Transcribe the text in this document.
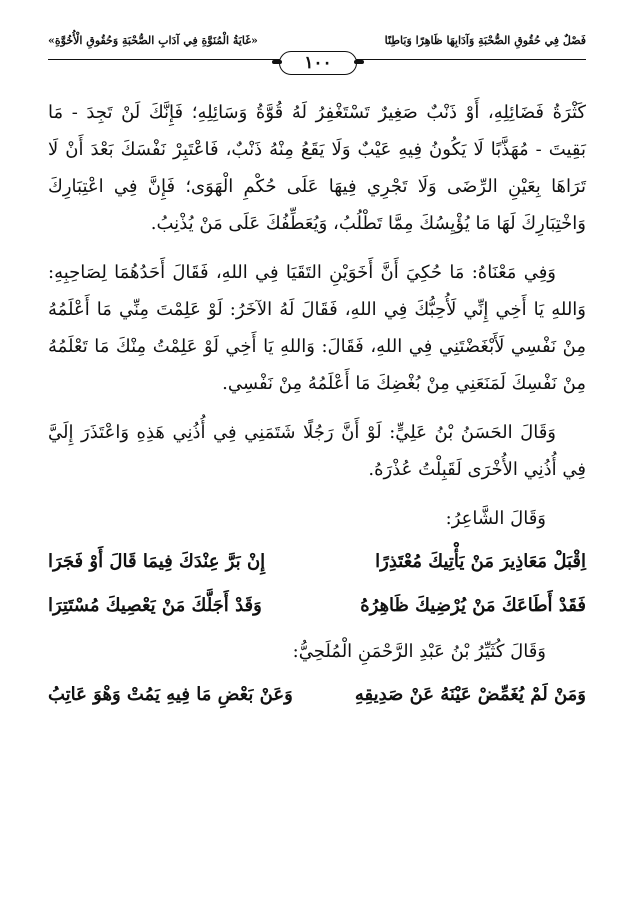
فَصْلٌ فِي حُقُوقِ الصُّحْبَةِ وَآدَابِهَا ظَاهِرًا وَبَاطِنًا
«غَايَةُ الْمُنَوَّةِ فِي آدَابِ الصُّحْبَةِ وَحُقُوقِ الْأُخُوَّةِ»
١٠٠

كَثْرَةُ فَضَائِلِهِ، أَوْ ذَنْبٌ صَغِيرٌ تَسْتَغْفِرُ لَهُ قُوَّةُ وَسَائِلِهِ؛ فَإِنَّكَ لَنْ تَجِدَ - مَا بَقِيتَ - مُهَذَّبًا لَا يَكُونُ فِيهِ عَيْبٌ وَلَا يَقَعُ مِنْهُ ذَنْبٌ، فَاعْتَبِرْ نَفْسَكَ بَعْدَ أَنْ لَا تَرَاهَا بِعَيْنِ الرِّضَى وَلَا تَجْرِي فِيهَا عَلَى حُكْمِ الْهَوَى؛ فَإِنَّ فِي اعْتِبَارِكَ وَاخْتِبَارِكَ لَهَا مَا يُؤْيِسُكَ مِمَّا تَطْلُبُ، وَيُعَطِّفُكَ عَلَى مَنْ يُذْنِبُ.

وَفِي مَعْنَاهُ: مَا حُكِيَ أَنَّ أَخَوَيْنِ التَقَيَا فِي اللهِ، فَقَالَ أَحَدُهُمَا لِصَاحِبِهِ: وَاللهِ يَا أَخِي إِنِّي لَأُحِبُّكَ فِي اللهِ، فَقَالَ لَهُ الآخَرُ: لَوْ عَلِمْتَ مِنِّي مَا أَعْلَمُهُ مِنْ نَفْسِي لَأَبْغَضْتَنِي فِي اللهِ، فَقَالَ: وَاللهِ يَا أَخِي لَوْ عَلِمْتُ مِنْكَ مَا تَعْلَمُهُ مِنْ نَفْسِكَ لَمَنَعَنِي مِنْ بُغْضِكَ مَا أَعْلَمُهُ مِنْ نَفْسِي.

وَقَالَ الحَسَنُ بْنُ عَلِيٍّ: لَوْ أَنَّ رَجُلًا شَتَمَنِي فِي أُذُنِي هَذِهِ وَاعْتَذَرَ إِلَيَّ فِي أُذُنِي الأُخْرَى لَقَبِلْتُ عُذْرَهُ.

وَقَالَ الشَّاعِرُ:

اِقْبَلْ مَعَاذِيرَ مَنْ يَأْتِيكَ مُعْتَذِرًا
إِنْ بَرَّ عِنْدَكَ فِيمَا قَالَ أَوْ فَجَرَا
فَقَدْ أَطَاعَكَ مَنْ يُرْضِيكَ ظَاهِرُهُ
وَقَدْ أَجَلَّكَ مَنْ يَعْصِيكَ مُسْتَتِرَا

وَقَالَ كُثَيِّرُ بْنُ عَبْدِ الرَّحْمَنِ الْمُلَحِيُّ:

وَمَنْ لَمْ يُغَمِّضْ عَيْنَهُ عَنْ صَدِيقِهِ
وَعَنْ بَعْضِ مَا فِيهِ يَمُتْ وَهْوَ عَاتِبُ
